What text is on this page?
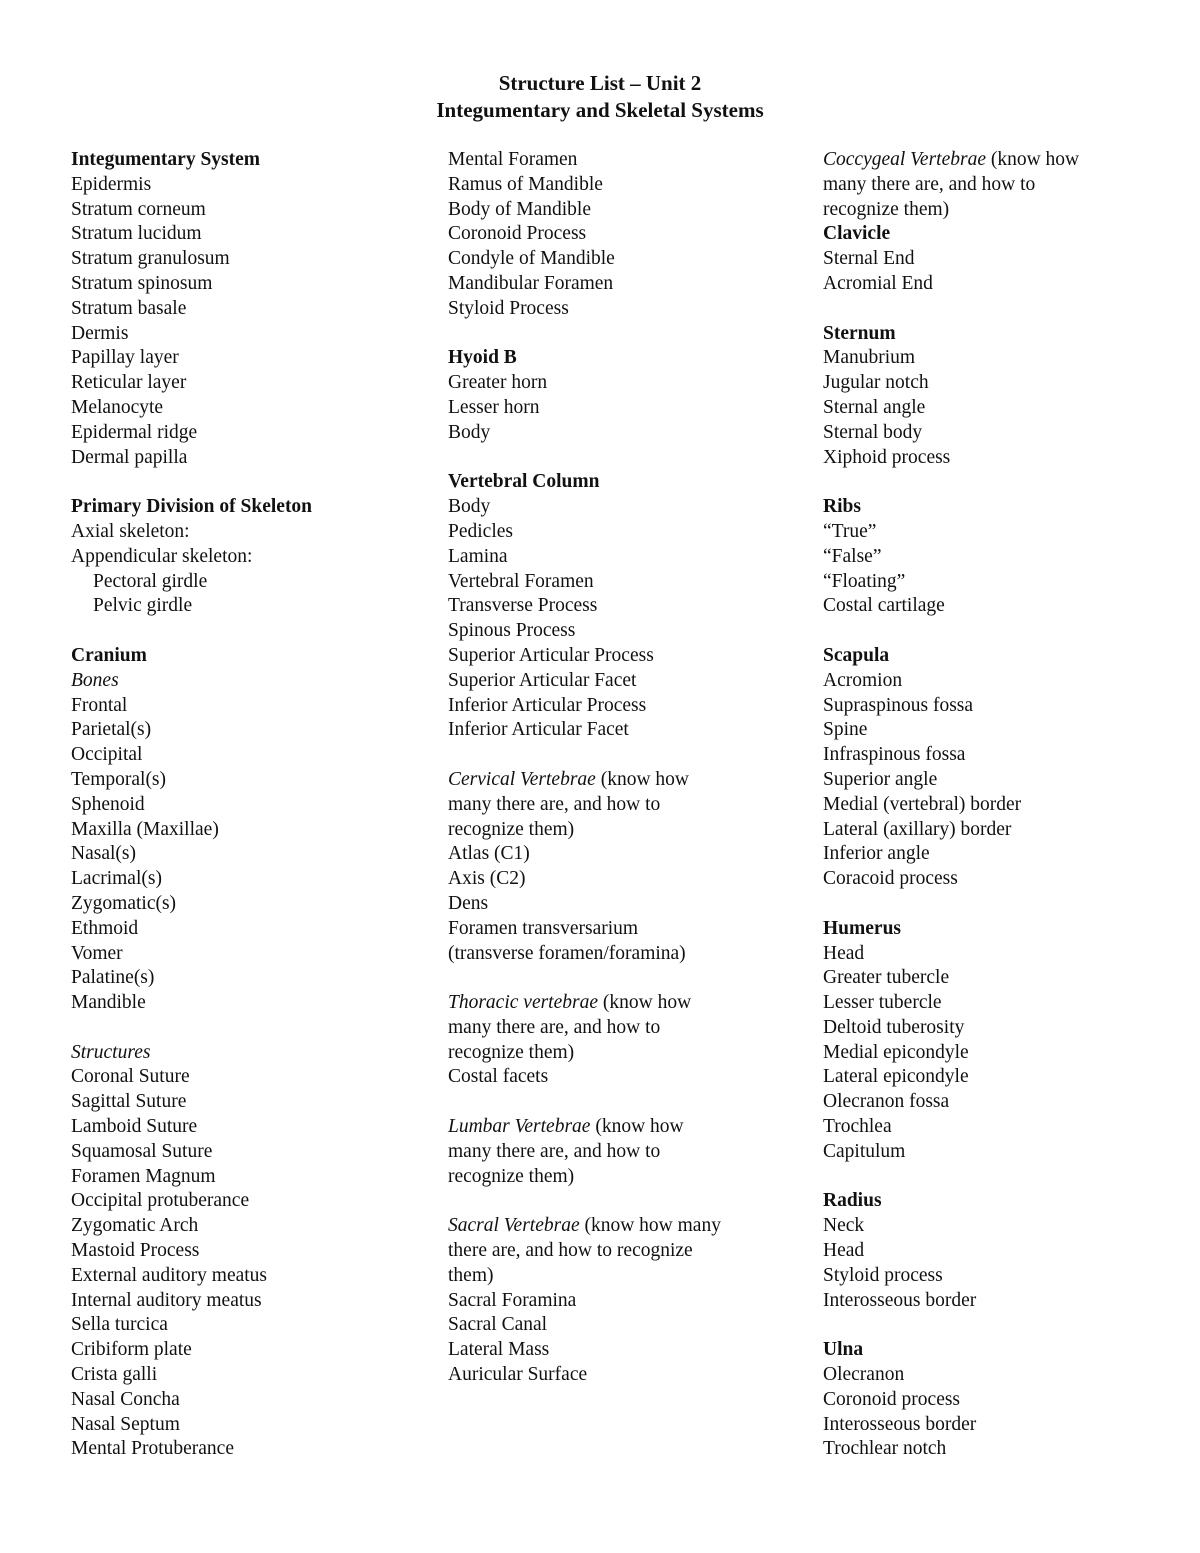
Structure List – Unit 2
Integumentary and Skeletal Systems
Integumentary System
Epidermis
Stratum corneum
Stratum lucidum
Stratum granulosum
Stratum spinosum
Stratum basale
Dermis
Papillay layer
Reticular layer
Melanocyte
Epidermal ridge
Dermal papilla
Primary Division of Skeleton
Axial skeleton:
Appendicular skeleton:
Pectoral girdle
Pelvic girdle
Cranium
Bones
Frontal
Parietal(s)
Occipital
Temporal(s)
Sphenoid
Maxilla (Maxillae)
Nasal(s)
Lacrimal(s)
Zygomatic(s)
Ethmoid
Vomer
Palatine(s)
Mandible
Structures
Coronal Suture
Sagittal Suture
Lamboid Suture
Squamosal Suture
Foramen Magnum
Occipital protuberance
Zygomatic Arch
Mastoid Process
External auditory meatus
Internal auditory meatus
Sella turcica
Cribiform plate
Crista galli
Nasal Concha
Nasal Septum
Mental Protuberance
Mental Foramen
Ramus of Mandible
Body of Mandible
Coronoid Process
Condyle of Mandible
Mandibular Foramen
Styloid Process
Hyoid B
Greater horn
Lesser horn
Body
Vertebral Column
Body
Pedicles
Lamina
Vertebral Foramen
Transverse Process
Spinous Process
Superior Articular Process
Superior Articular Facet
Inferior Articular Process
Inferior Articular Facet
Cervical Vertebrae (know how
many there are, and how to
recognize them)
Atlas (C1)
Axis (C2)
Dens
Foramen transversarium
(transverse foramen/foramina)
Thoracic vertebrae (know how
many there are, and how to
recognize them)
Costal facets
Lumbar Vertebrae (know how
many there are, and how to
recognize them)
Sacral Vertebrae (know how many
there are, and how to recognize
them)
Sacral Foramina
Sacral Canal
Lateral Mass
Auricular Surface
Coccygeal Vertebrae (know how
many there are, and how to
recognize them)
Clavicle
Sternal End
Acromial End
Sternum
Manubrium
Jugular notch
Sternal angle
Sternal body
Xiphoid process
Ribs
“True”
“False”
“Floating”
Costal cartilage
Scapula
Acromion
Supraspinous fossa
Spine
Infraspinous fossa
Superior angle
Medial (vertebral) border
Lateral (axillary) border
Inferior angle
Coracoid process
Humerus
Head
Greater tubercle
Lesser tubercle
Deltoid tuberosity
Medial epicondyle
Lateral epicondyle
Olecranon fossa
Trochlea
Capitulum
Radius
Neck
Head
Styloid process
Interosseous border
Ulna
Olecranon
Coronoid process
Interosseous border
Trochlear notch
